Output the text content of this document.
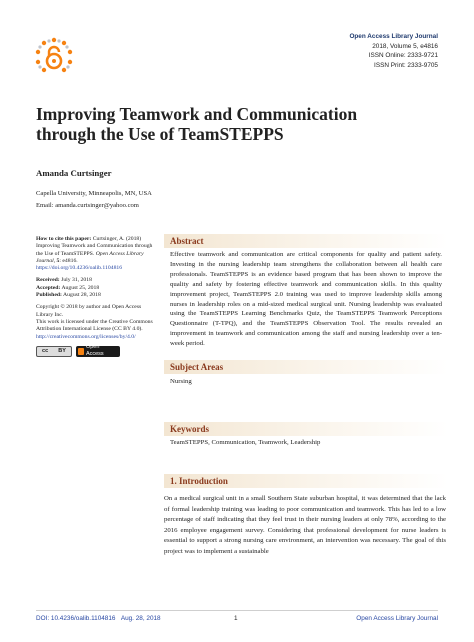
Open Access Library Journal
2018, Volume 5, e4816
ISSN Online: 2333-9721
ISSN Print: 2333-9705
Improving Teamwork and Communication
through the Use of TeamSTEPPS
Amanda Curtsinger
Capella University, Minneapolis, MN, USA
Email: amanda.curtsinger@yahoo.com

How to cite this paper: Curtsinger, A. (2018) Improving Teamwork and Communication through the Use of TeamSTEPPS. Open Access Library Journal, 5: e4816. https://doi.org/10.4236/oalib.1104816

Received: July 31, 2018
Accepted: August 25, 2018
Published: August 28, 2018

Copyright © 2018 by author and Open Access Library Inc.
This work is licensed under the Creative Commons Attribution International License (CC BY 4.0).
http://creativecommons.org/licenses/by/4.0/

cc BY
Open Access
Abstract

Effective teamwork and communication are critical components for quality and patient safety. Investing in the nursing leadership team strengthens the collaboration between all health care professionals. TeamSTEPPS is an evidence based program that has been shown to improve the quality and safety by fostering effective teamwork and communication skills. In this quality improvement project, TeamSTEPPS 2.0 training was used to improve leadership skills among nurses in leadership roles on a mid-sized medical surgical unit. Nursing leadership was evaluated using the TeamSTEPPS Learning Benchmarks Quiz, the TeamSTEPPS Teamwork Perceptions Questionnaire (T-TPQ), and the TeamSTEPPS Observation Tool. The results revealed an improvement in teamwork and communication among the staff and nursing leadership over a ten-week period.

Subject Areas
Nursing
Keywords
TeamSTEPPS, Communication, Teamwork, Leadership
1. Introduction

On a medical surgical unit in a small Southern State suburban hospital, it was determined that the lack of formal leadership training was leading to poor communication and teamwork. This has led to a low percentage of staff indicating that they feel trust in their nursing leaders at only 78%, according to the 2016 employee engagement survey. Considering that professional development for nurse leaders is essential to support a strong nursing care environment, an intervention was necessary. The goal of this project was to implement a sustainable

DOI: 10.4236/oalib.1104816 Aug. 28, 2018	1	Open Access Library Journal
